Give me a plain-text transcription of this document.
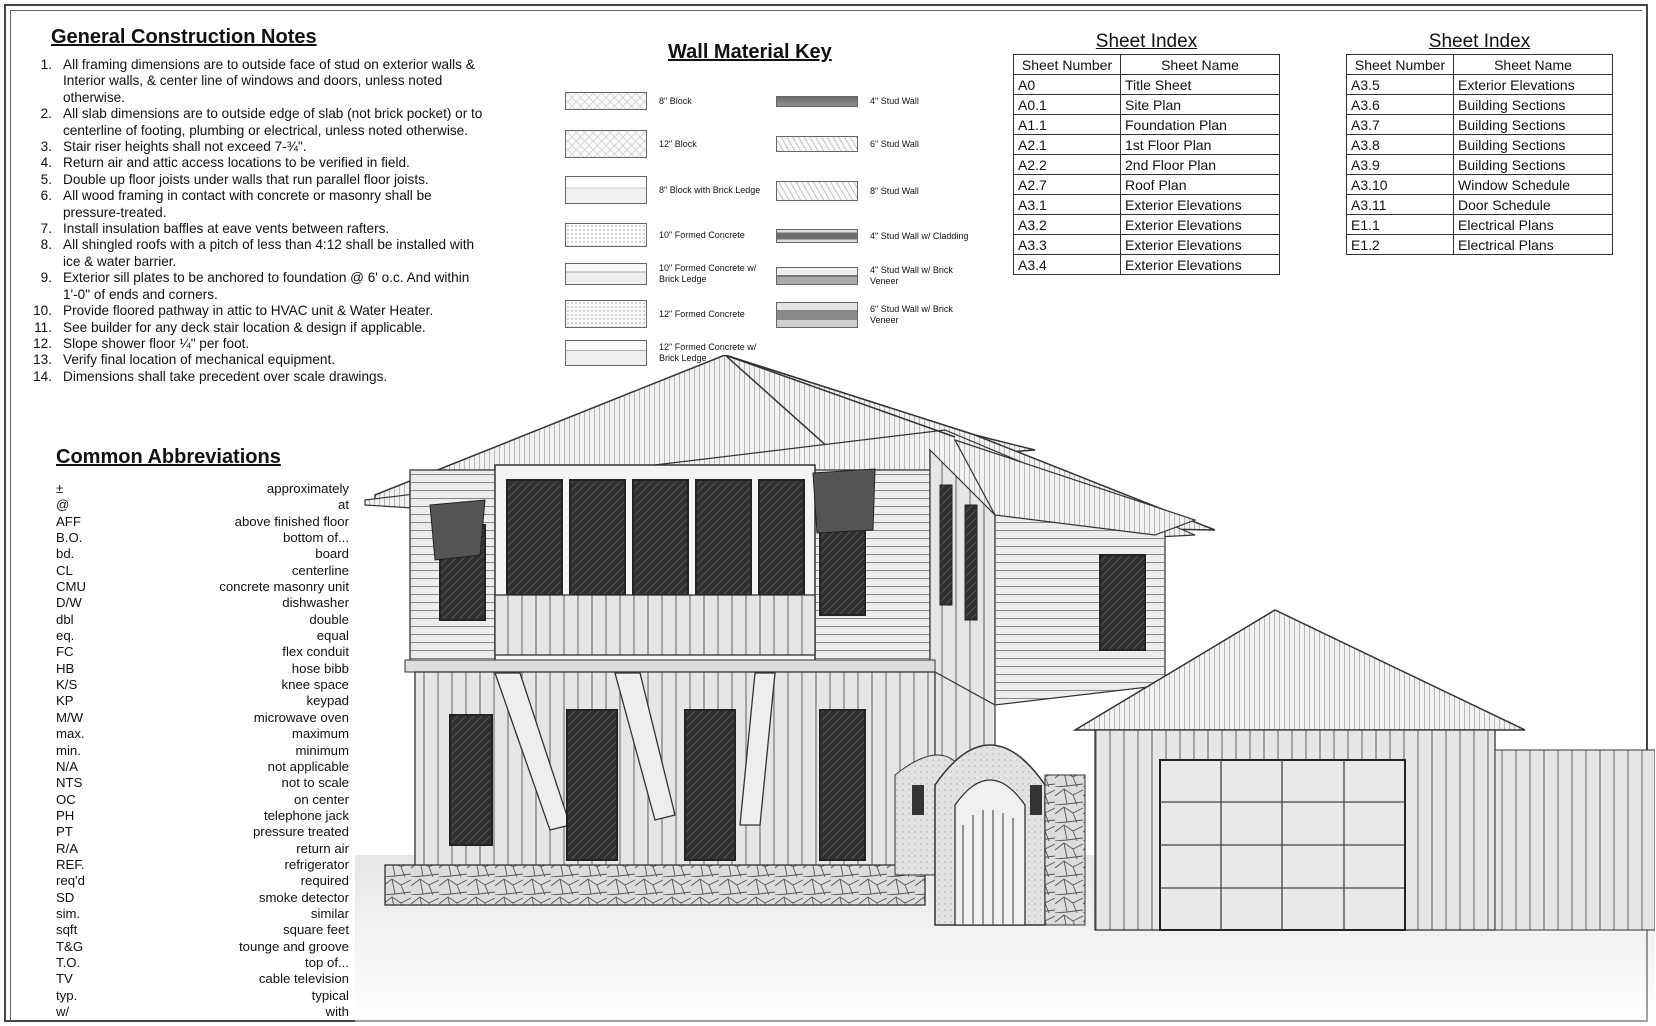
General Construction Notes
1. All framing dimensions are to outside face of stud on exterior walls &
Interior walls, & center line of windows and doors, unless noted
otherwise.
2. All slab dimensions are to outside edge of slab (not brick pocket) or to
centerline of footing, plumbing or electrical, unless noted otherwise.
3. Stair riser heights shall not exceed 7-¾".
4. Return air and attic access locations to be verified in field.
5. Double up floor joists under walls that run parallel floor joists.
6. All wood framing in contact with concrete or masonry shall be
pressure-treated.
7. Install insulation baffles at eave vents between rafters.
8. All shingled roofs with a pitch of less than 4:12 shall be installed with
ice & water barrier.
9. Exterior sill plates to be anchored to foundation @ 6' o.c. And within
1'-0" of ends and corners.
10. Provide floored pathway in attic to HVAC unit & Water Heater.
11. See builder for any deck stair location & design if applicable.
12. Slope shower floor ¼" per foot.
13. Verify final location of mechanical equipment.
14. Dimensions shall take precedent over scale drawings.
Wall Material Key
8" Block
12" Block
8" Block with Brick Ledge
10" Formed Concrete
10" Formed Concrete w/ Brick Ledge
12" Formed Concrete
12" Formed Concrete w/ Brick Ledge
4" Stud Wall
6" Stud Wall
8" Stud Wall
4" Stud Wall w/ Cladding
4" Stud Wall w/ Brick Veneer
6" Stud Wall w/ Brick Veneer
Sheet Index
Sheet Number	Sheet Name
A0	Title Sheet
A0.1	Site Plan
A1.1	Foundation Plan
A2.1	1st Floor Plan
A2.2	2nd Floor Plan
A2.7	Roof Plan
A3.1	Exterior Elevations
A3.2	Exterior Elevations
A3.3	Exterior Elevations
A3.4	Exterior Elevations
Sheet Index
Sheet Number	Sheet Name
A3.5	Exterior Elevations
A3.6	Building Sections
A3.7	Building Sections
A3.8	Building Sections
A3.9	Building Sections
A3.10	Window Schedule
A3.11	Door Schedule
E1.1	Electrical Plans
E1.2	Electrical Plans
Common Abbreviations
±	approximately
@	at
AFF	above finished floor
B.O.	bottom of...
bd.	board
CL	centerline
CMU	concrete masonry unit
D/W	dishwasher
dbl	double
eq.	equal
FC	flex conduit
HB	hose bibb
K/S	knee space
KP	keypad
M/W	microwave oven
max.	maximum
min.	minimum
N/A	not applicable
NTS	not to scale
OC	on center
PH	telephone jack
PT	pressure treated
R/A	return air
REF.	refrigerator
req'd	required
SD	smoke detector
sim.	similar
sqft	square feet
T&G	tounge and groove
T.O.	top of...
TV	cable television
typ.	typical
w/	with
